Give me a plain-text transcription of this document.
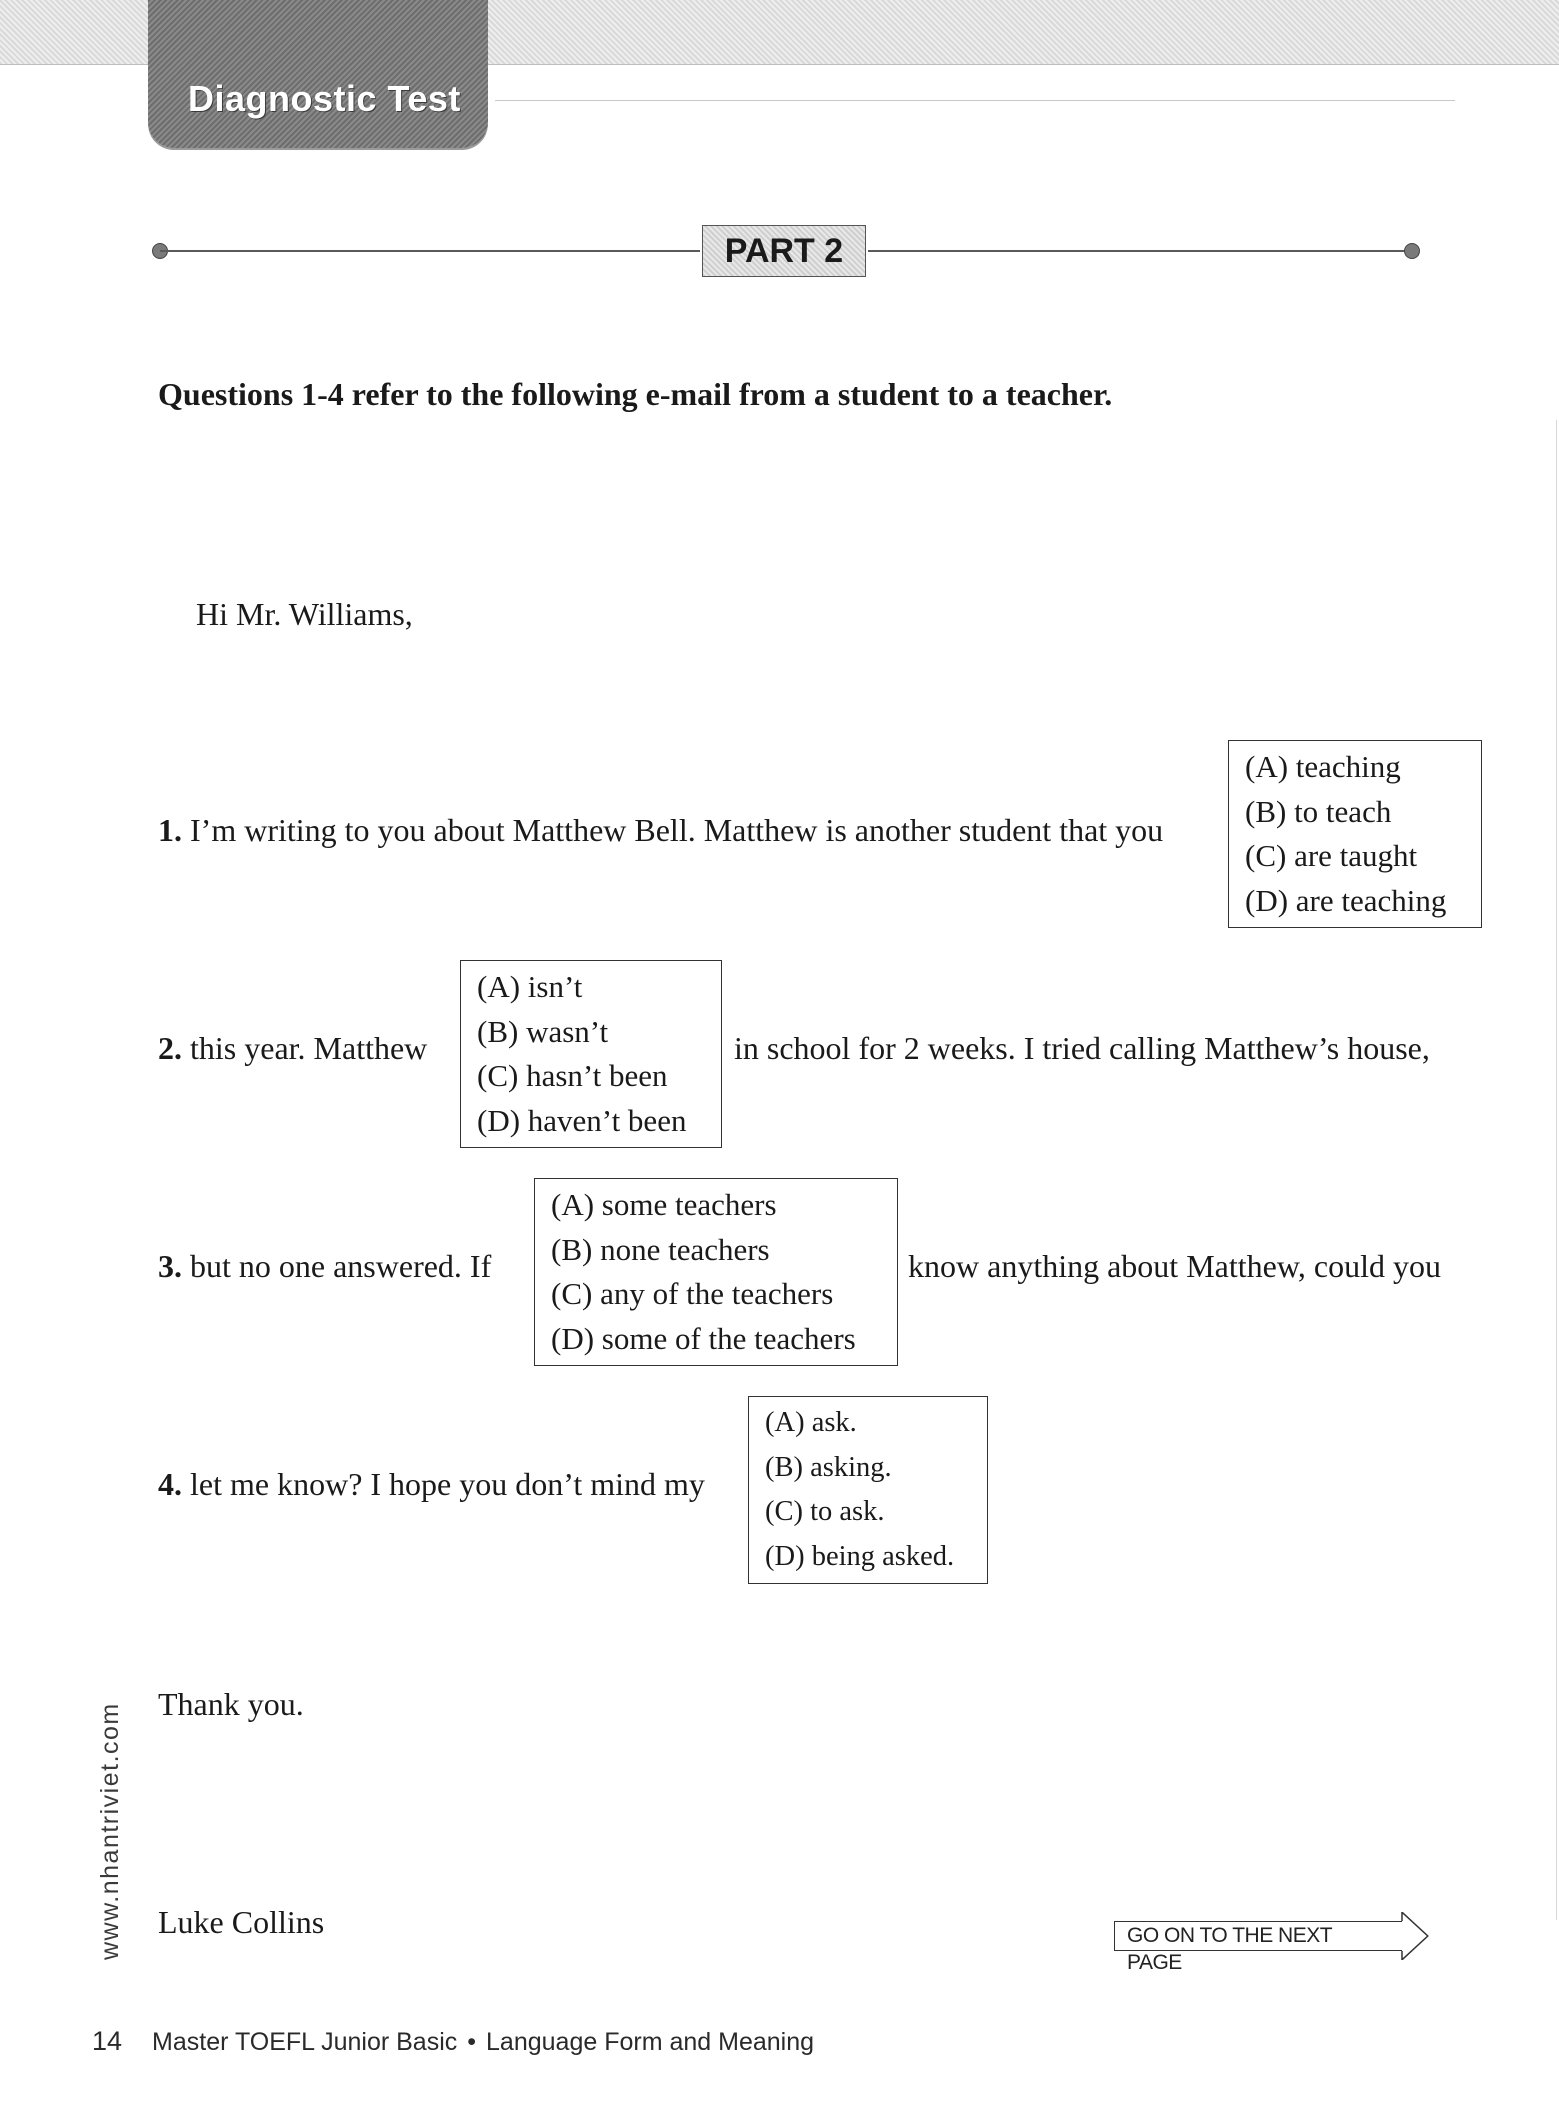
Diagnostic Test
PART 2
Questions 1-4 refer to the following e-mail from a student to a teacher.
Hi Mr. Williams,
1. I’m writing to you about Matthew Bell. Matthew is another student that you
(A) teaching
(B) to teach
(C) are taught
(D) are teaching
2. this year. Matthew
(A) isn’t
(B) wasn’t
(C) hasn’t been
(D) haven’t been
in school for 2 weeks. I tried calling Matthew’s house,
3. but no one answered. If
(A) some teachers
(B) none teachers
(C) any of the teachers
(D) some of the teachers
know anything about Matthew, could you
4. let me know? I hope you don’t mind my
(A) ask.
(B) asking.
(C) to ask.
(D) being asked.
Thank you.
Luke Collins
www.nhantriviet.com	GO ON TO THE NEXT PAGE
14 Master TOEFL Junior Basic • Language Form and Meaning
